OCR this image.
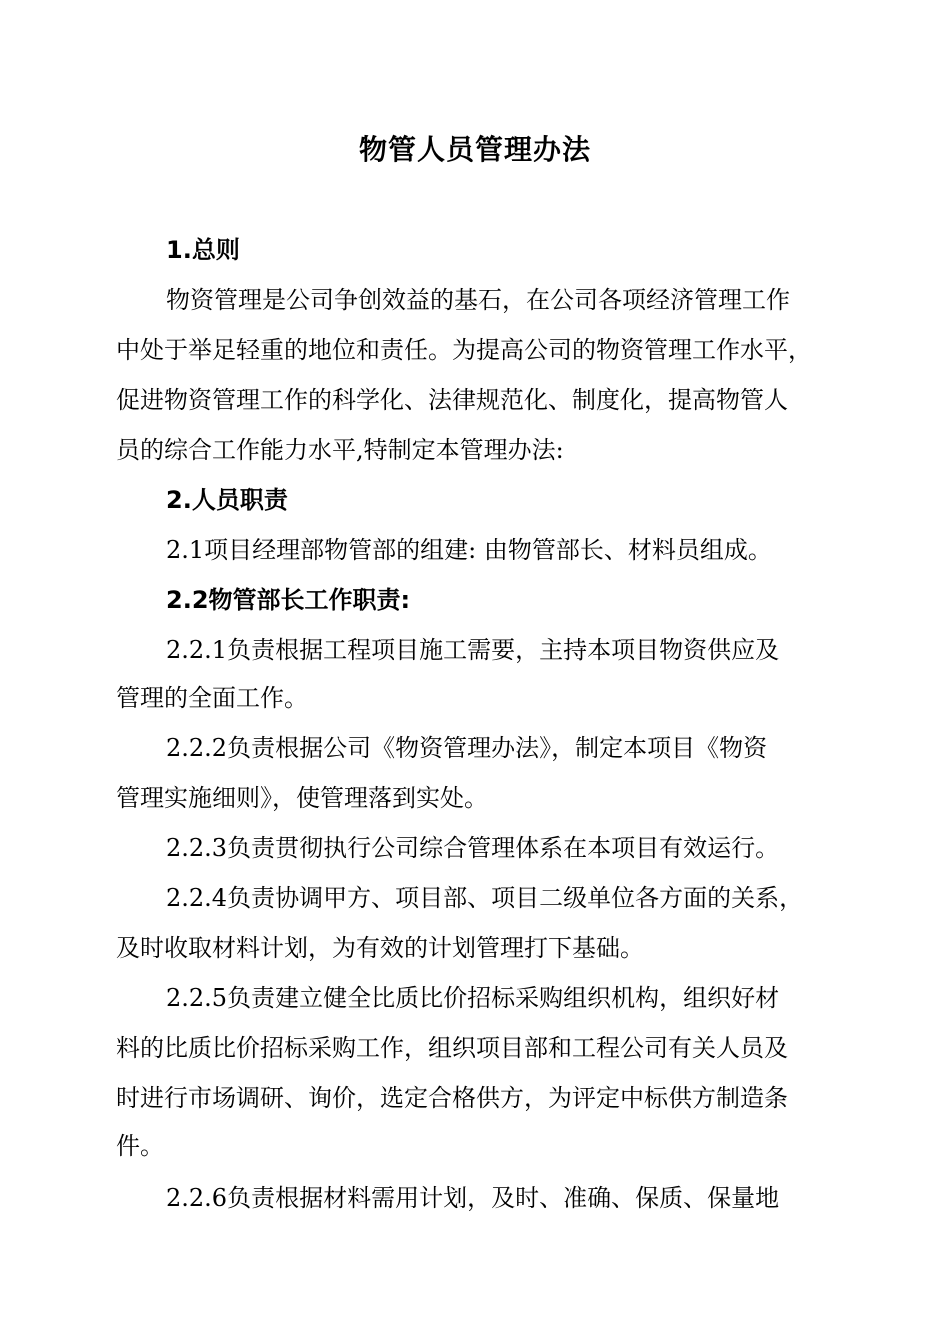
物管人员管理办法
1.总则
物资管理是公司争创效益的基石，在公司各项经济管理工作
中处于举足轻重的地位和责任。为提高公司的物资管理工作水平，
促进物资管理工作的科学化、法律规范化、制度化，提高物管人
员的综合工作能力水平,特制定本管理办法:
2.人员职责
2.1项目经理部物管部的组建: 由物管部长、材料员组成。
2.2物管部长工作职责:
2.2.1负责根据工程项目施工需要，主持本项目物资供应及
管理的全面工作。
2.2.2负责根据公司《物资管理办法》，制定本项目《物资
管理实施细则》，使管理落到实处。
2.2.3负责贯彻执行公司综合管理体系在本项目有效运行。
2.2.4负责协调甲方、项目部、项目二级单位各方面的关系，
及时收取材料计划，为有效的计划管理打下基础。
2.2.5负责建立健全比质比价招标采购组织机构，组织好材
料的比质比价招标采购工作，组织项目部和工程公司有关人员及
时进行市场调研、询价，选定合格供方，为评定中标供方制造条
件。
2.2.6负责根据材料需用计划，及时、准确、保质、保量地
